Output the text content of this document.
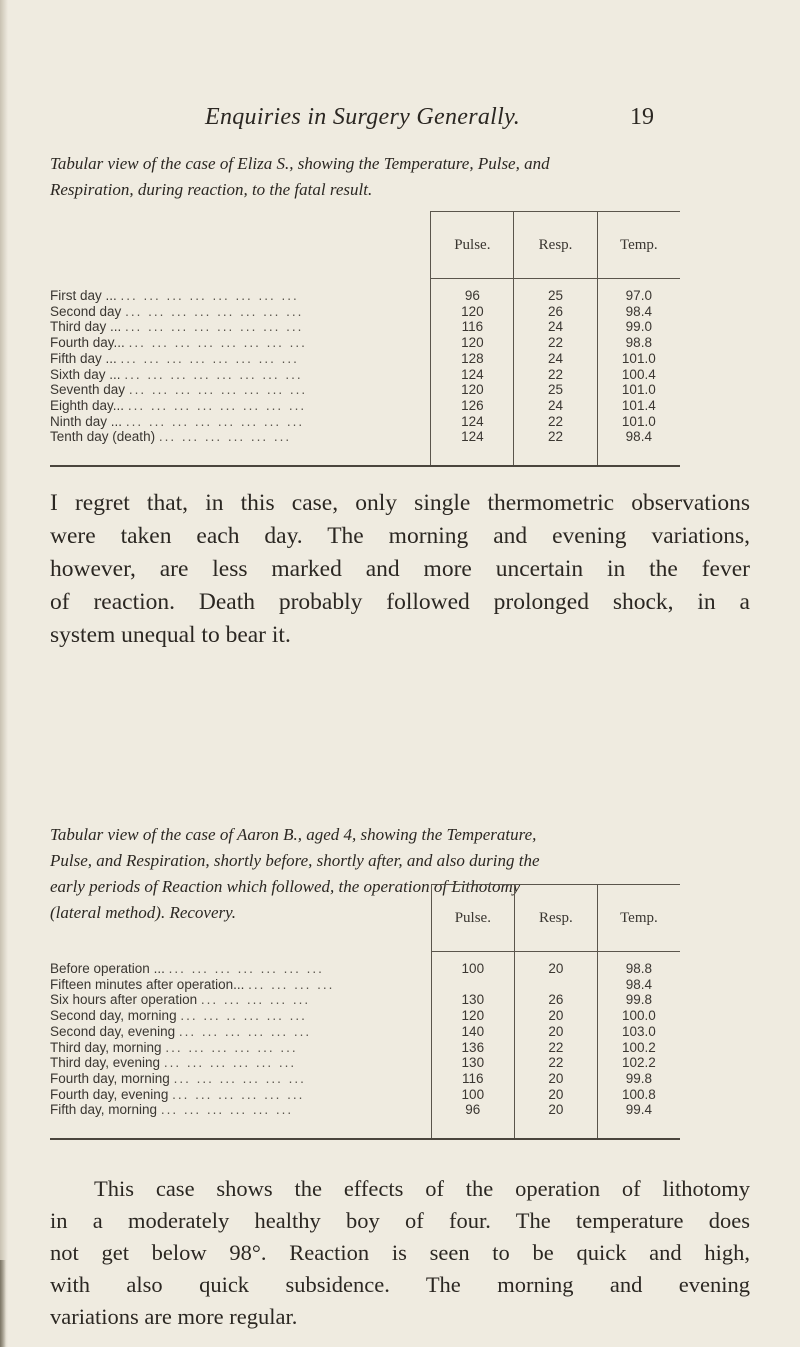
Enquiries in Surgery Generally.	19
Tabular view of the case of Eliza S., showing the Temperature, Pulse, and
Respiration, during reaction, to the fatal result.
	Pulse.	Resp.	Temp.
First day ... ... ... ... ... ... ... ... ...	96	25	97.0
Second day ... ... ... ... ... ... ... ...	120	26	98.4
Third day ... ... ... ... ... ... ... ... ...	116	24	99.0
Fourth day... ... ... ... ... ... ... ... ...	120	22	98.8
Fifth day ... ... ... ... ... ... ... ... ...	128	24	101.0
Sixth day ... ... ... ... ... ... ... ... ...	124	22	100.4
Seventh day ... ... ... ... ... ... ... ...	120	25	101.0
Eighth day... ... ... ... ... ... ... ... ...	126	24	101.4
Ninth day ... ... ... ... ... ... ... ... ...	124	22	101.0
Tenth day (death) ... ... ... ... ... ...	124	22	98.4

I regret that, in this case, only single thermometric observations
were taken each day. The morning and evening variations,
however, are less marked and more uncertain in the fever
of reaction. Death probably followed prolonged shock, in a
system unequal to bear it.
Tabular view of the case of Aaron B., aged 4, showing the Temperature,
Pulse, and Respiration, shortly before, shortly after, and also during the
early periods of Reaction which followed, the operation of Lithotomy
(lateral method). Recovery.
		Pulse.	Resp.	Temp.
Before operation ... ... ... ... ... ... ... ...	100	20	98.8
Fifteen minutes after operation... ... ... ... ...			98.4
Six hours after operation ... ... ... ... ...	130	26	99.8
Second day, morning ... ... .. ... ... ...	120	20	100.0
Second day, evening ... ... ... ... ... ...	140	20	103.0
Third day, morning ... ... ... ... ... ...	136	22	100.2
Third day, evening ... ... ... ... ... ...	130	22	102.2
Fourth day, morning ... ... ... ... ... ...	116	20	99.8
Fourth day, evening ... ... ... ... ... ...	100	20	100.8
Fifth day, morning ... ... ... ... ... ...	96	20	99.4

This case shows the effects of the operation of lithotomy
in a moderately healthy boy of four. The temperature does
not get below 98°. Reaction is seen to be quick and high,
with also quick subsidence. The morning and evening
variations are more regular.
